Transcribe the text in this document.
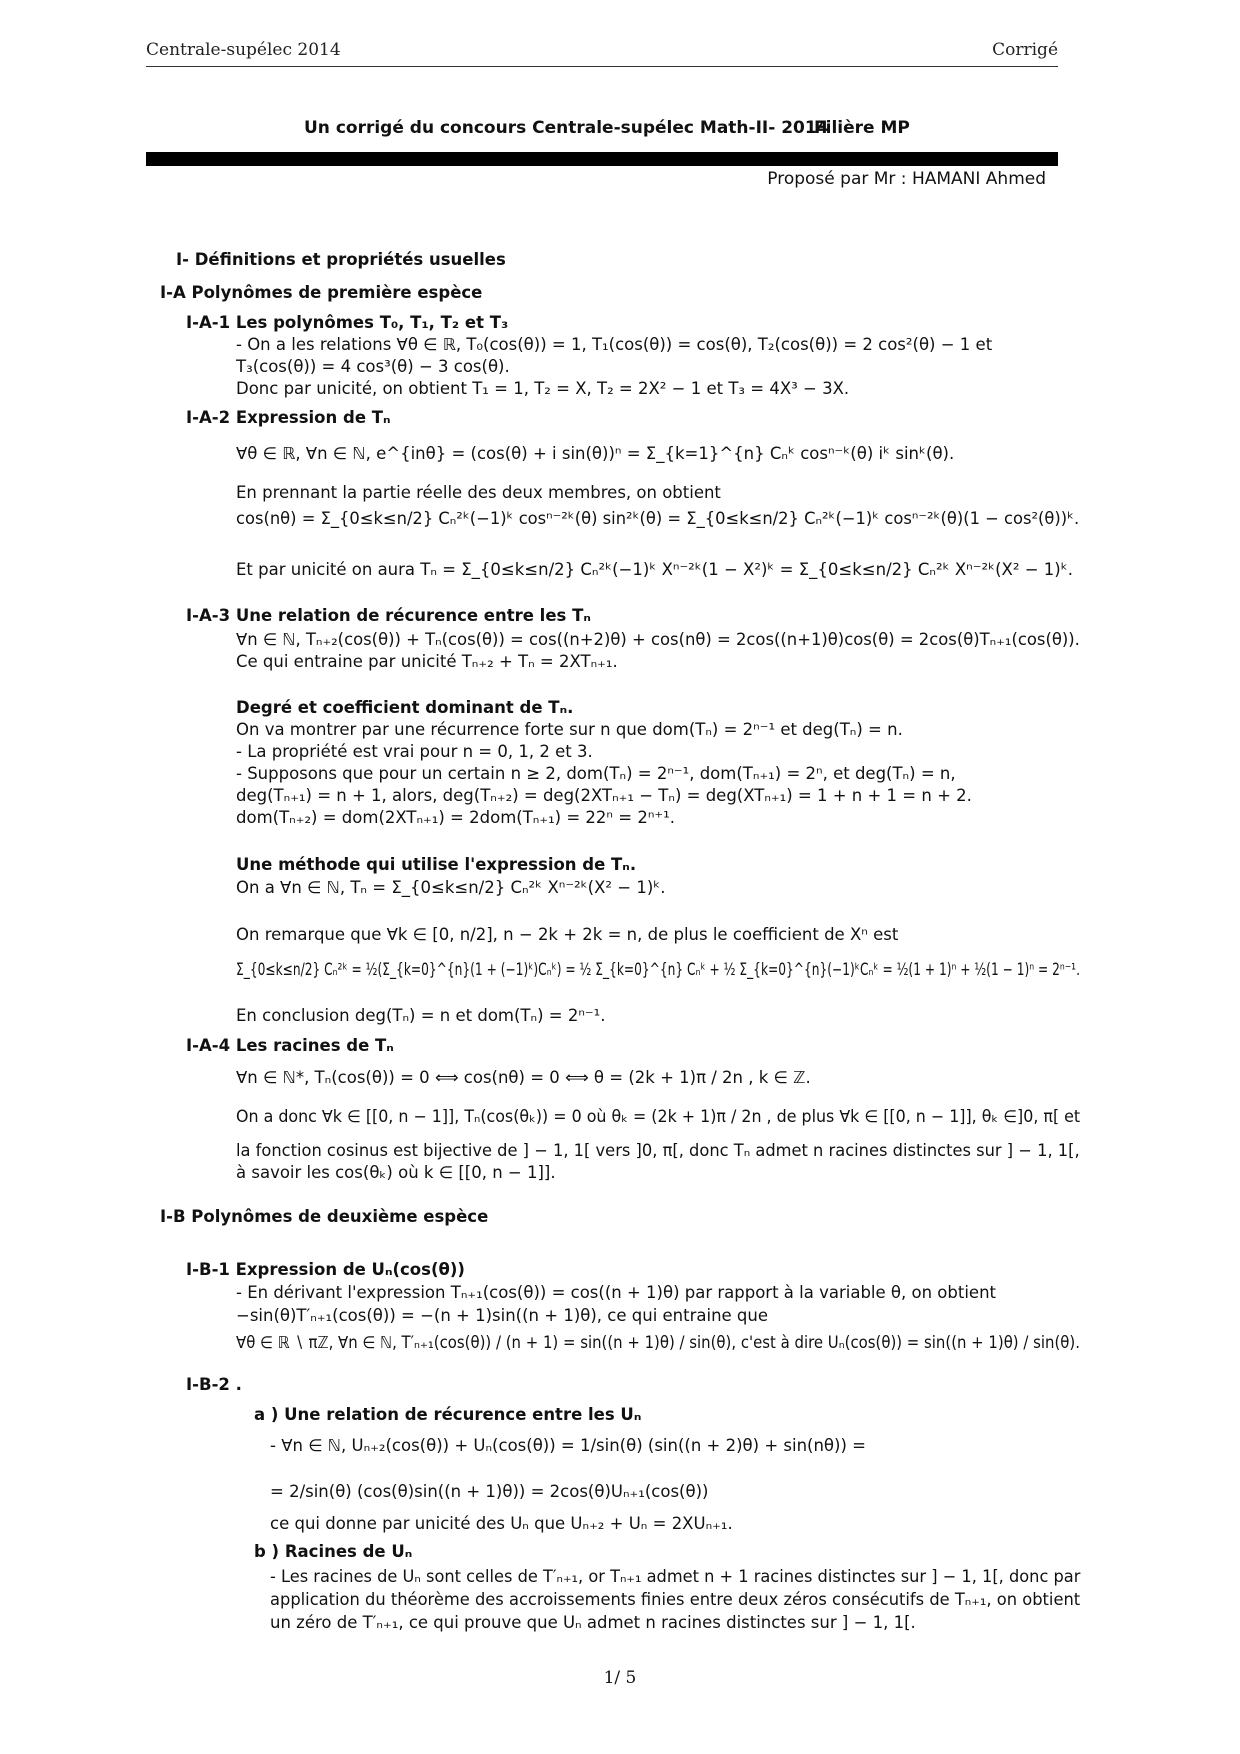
Centrale-supélec 2014	Corrigé
Un corrigé du concours Centrale-supélec Math-II- 2014
Filière MP
Proposé par Mr : HAMANI Ahmed
I- Définitions et propriétés usuelles
I-A Polynômes de première espèce
I-A-1 Les polynômes T₀, T₁, T₂ et T₃
- On a les relations ∀θ ∈ ℝ, T₀(cos(θ)) = 1, T₁(cos(θ)) = cos(θ), T₂(cos(θ)) = 2 cos²(θ) − 1 et
T₃(cos(θ)) = 4 cos³(θ) − 3 cos(θ).
Donc par unicité, on obtient T₁ = 1, T₂ = X, T₂ = 2X² − 1 et T₃ = 4X³ − 3X.
I-A-2 Expression de Tₙ
∀θ ∈ ℝ, ∀n ∈ ℕ, e^{inθ} = (cos(θ) + i sin(θ))ⁿ = Σ_{k=1}^{n} Cₙᵏ cosⁿ⁻ᵏ(θ) iᵏ sinᵏ(θ).
En prennant la partie réelle des deux membres, on obtient
cos(nθ) = Σ_{0≤k≤n/2} Cₙ²ᵏ(−1)ᵏ cosⁿ⁻²ᵏ(θ) sin²ᵏ(θ) = Σ_{0≤k≤n/2} Cₙ²ᵏ(−1)ᵏ cosⁿ⁻²ᵏ(θ)(1 − cos²(θ))ᵏ.
Et par unicité on aura Tₙ = Σ_{0≤k≤n/2} Cₙ²ᵏ(−1)ᵏ Xⁿ⁻²ᵏ(1 − X²)ᵏ = Σ_{0≤k≤n/2} Cₙ²ᵏ Xⁿ⁻²ᵏ(X² − 1)ᵏ.
I-A-3 Une relation de récurence entre les Tₙ
∀n ∈ ℕ, Tₙ₊₂(cos(θ)) + Tₙ(cos(θ)) = cos((n+2)θ) + cos(nθ) = 2cos((n+1)θ)cos(θ) = 2cos(θ)Tₙ₊₁(cos(θ)).
Ce qui entraine par unicité Tₙ₊₂ + Tₙ = 2XTₙ₊₁.
Degré et coefficient dominant de Tₙ.
On va montrer par une récurrence forte sur n que dom(Tₙ) = 2ⁿ⁻¹ et deg(Tₙ) = n.
- La propriété est vrai pour n = 0, 1, 2 et 3.
- Supposons que pour un certain n ≥ 2, dom(Tₙ) = 2ⁿ⁻¹, dom(Tₙ₊₁) = 2ⁿ, et deg(Tₙ) = n,
deg(Tₙ₊₁) = n + 1, alors, deg(Tₙ₊₂) = deg(2XTₙ₊₁ − Tₙ) = deg(XTₙ₊₁) = 1 + n + 1 = n + 2.
dom(Tₙ₊₂) = dom(2XTₙ₊₁) = 2dom(Tₙ₊₁) = 22ⁿ = 2ⁿ⁺¹.
Une méthode qui utilise l'expression de Tₙ.
On a ∀n ∈ ℕ, Tₙ = Σ_{0≤k≤n/2} Cₙ²ᵏ Xⁿ⁻²ᵏ(X² − 1)ᵏ.
On remarque que ∀k ∈ [0, n/2], n − 2k + 2k = n, de plus le coefficient de Xⁿ est
Σ_{0≤k≤n/2} Cₙ²ᵏ = ½(Σ_{k=0}^{n}(1 + (−1)ᵏ)Cₙᵏ) = ½ Σ_{k=0}^{n} Cₙᵏ + ½ Σ_{k=0}^{n}(−1)ᵏCₙᵏ = ½(1 + 1)ⁿ + ½(1 − 1)ⁿ = 2ⁿ⁻¹.
En conclusion deg(Tₙ) = n et dom(Tₙ) = 2ⁿ⁻¹.
I-A-4 Les racines de Tₙ
∀n ∈ ℕ*, Tₙ(cos(θ)) = 0 ⟺ cos(nθ) = 0 ⟺ θ = (2k + 1)π / 2n , k ∈ ℤ.
On a donc ∀k ∈ [[0, n − 1]], Tₙ(cos(θₖ)) = 0 où θₖ = (2k + 1)π / 2n , de plus ∀k ∈ [[0, n − 1]], θₖ ∈]0, π[ et
la fonction cosinus est bijective de ] − 1, 1[ vers ]0, π[, donc Tₙ admet n racines distinctes sur ] − 1, 1[,
à savoir les cos(θₖ) où k ∈ [[0, n − 1]].
I-B Polynômes de deuxième espèce
I-B-1 Expression de Uₙ(cos(θ))
- En dérivant l'expression Tₙ₊₁(cos(θ)) = cos((n + 1)θ) par rapport à la variable θ, on obtient
−sin(θ)T′ₙ₊₁(cos(θ)) = −(n + 1)sin((n + 1)θ), ce qui entraine que
∀θ ∈ ℝ ∖ πℤ, ∀n ∈ ℕ, T′ₙ₊₁(cos(θ)) / (n + 1) = sin((n + 1)θ) / sin(θ), c'est à dire Uₙ(cos(θ)) = sin((n + 1)θ) / sin(θ).
I-B-2 .
a ) Une relation de récurence entre les Uₙ
- ∀n ∈ ℕ, Uₙ₊₂(cos(θ)) + Uₙ(cos(θ)) = 1/sin(θ) (sin((n + 2)θ) + sin(nθ)) =
= 2/sin(θ) (cos(θ)sin((n + 1)θ)) = 2cos(θ)Uₙ₊₁(cos(θ))
ce qui donne par unicité des Uₙ que Uₙ₊₂ + Uₙ = 2XUₙ₊₁.
b ) Racines de Uₙ
- Les racines de Uₙ sont celles de T′ₙ₊₁, or Tₙ₊₁ admet n + 1 racines distinctes sur ] − 1, 1[, donc par
application du théorème des accroissements finies entre deux zéros consécutifs de Tₙ₊₁, on obtient
un zéro de T′ₙ₊₁, ce qui prouve que Uₙ admet n racines distinctes sur ] − 1, 1[.
1/ 5
